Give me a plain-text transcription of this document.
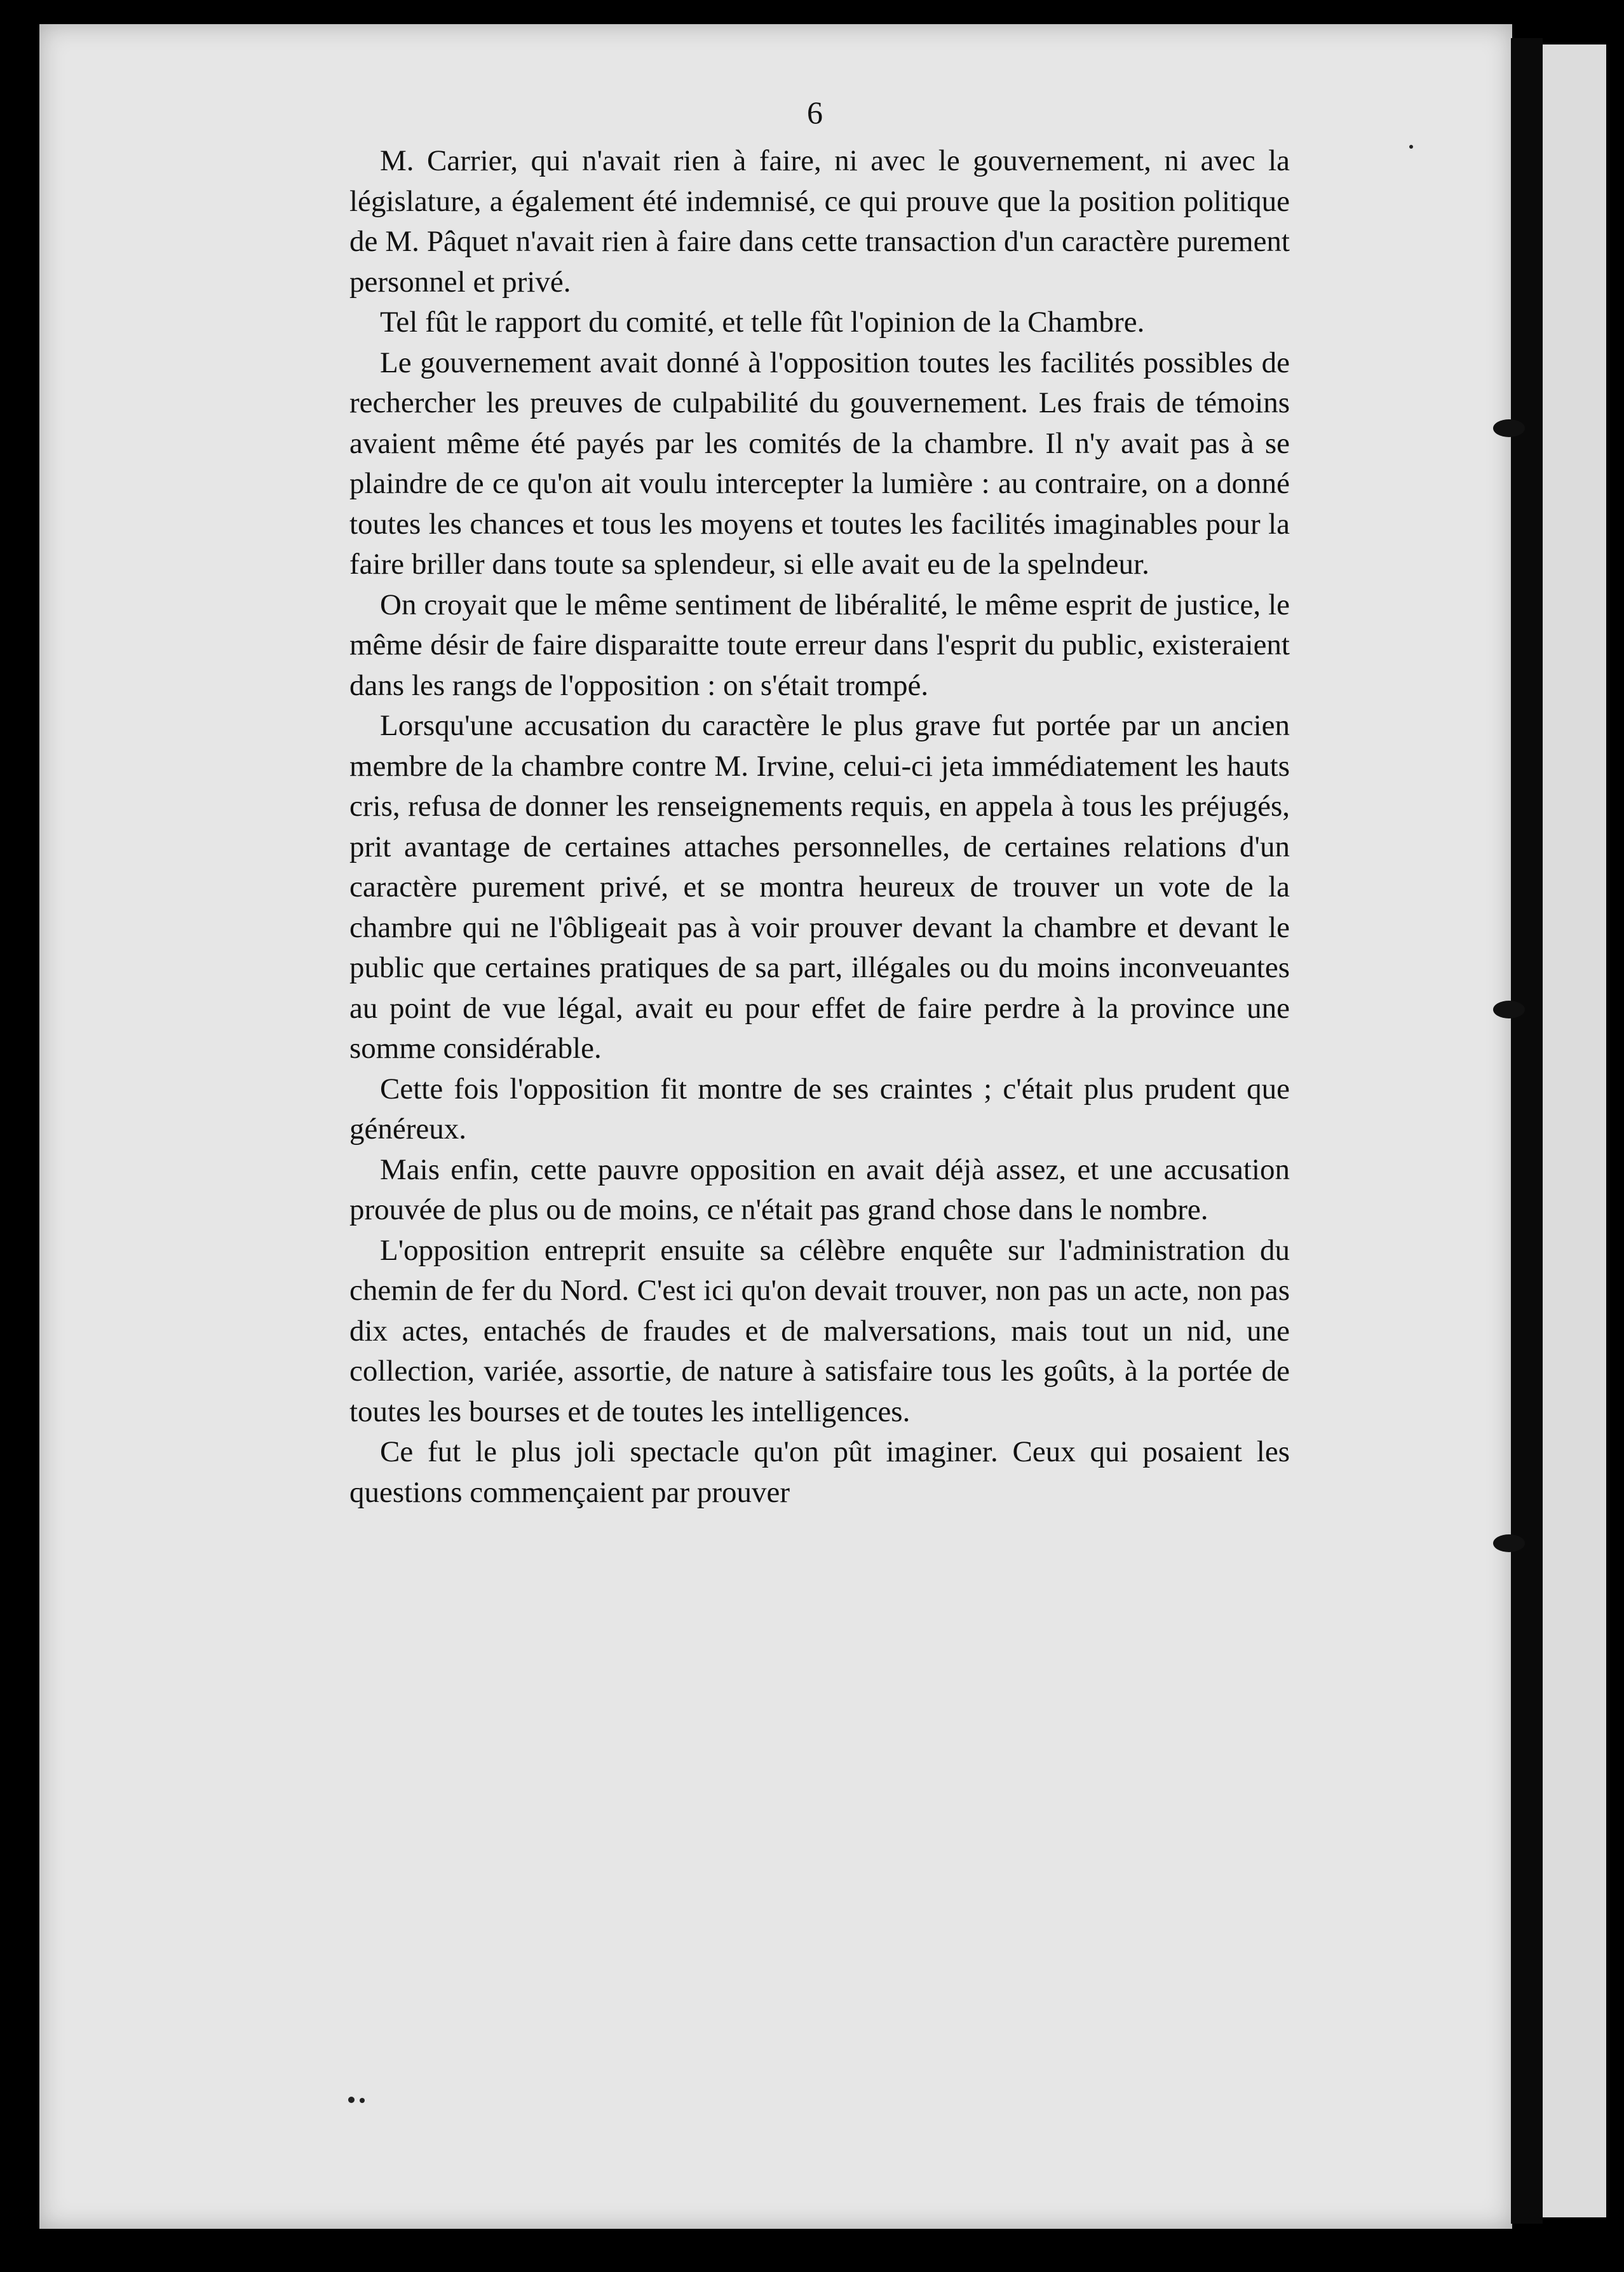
6

M. Carrier, qui n'avait rien à faire, ni avec le gouvernement, ni avec la législature, a également été indemnisé, ce qui prouve que la position politique de M. Pâquet n'avait rien à faire dans cette transaction d'un caractère purement personnel et privé.

Tel fût le rapport du comité, et telle fût l'opinion de la Chambre.

Le gouvernement avait donné à l'opposition toutes les facilités possibles de rechercher les preuves de culpabilité du gouvernement. Les frais de témoins avaient même été payés par les comités de la chambre. Il n'y avait pas à se plaindre de ce qu'on ait voulu intercepter la lumière : au contraire, on a donné toutes les chances et tous les moyens et toutes les facilités imaginables pour la faire briller dans toute sa splendeur, si elle avait eu de la spelndeur.

On croyait que le même sentiment de libéralité, le même esprit de justice, le même désir de faire disparaitte toute erreur dans l'esprit du public, existeraient dans les rangs de l'opposition : on s'était trompé.

Lorsqu'une accusation du caractère le plus grave fut portée par un ancien membre de la chambre contre M. Irvine, celui-ci jeta immédiatement les hauts cris, refusa de donner les renseignements requis, en appela à tous les préjugés, prit avantage de certaines attaches personnelles, de certaines relations d'un caractère purement privé, et se montra heureux de trouver un vote de la chambre qui ne l'ôbligeait pas à voir prouver devant la chambre et devant le public que certaines pratiques de sa part, illégales ou du moins inconveuantes au point de vue légal, avait eu pour effet de faire perdre à la province une somme considérable.

Cette fois l'opposition fit montre de ses craintes ; c'était plus prudent que généreux.

Mais enfin, cette pauvre opposition en avait déjà assez, et une accusation prouvée de plus ou de moins, ce n'était pas grand chose dans le nombre.

L'opposition entreprit ensuite sa célèbre enquête sur l'administration du chemin de fer du Nord. C'est ici qu'on devait trouver, non pas un acte, non pas dix actes, entachés de fraudes et de malversations, mais tout un nid, une collection, variée, assortie, de nature à satisfaire tous les goûts, à la portée de toutes les bourses et de toutes les intelligences.

Ce fut le plus joli spectacle qu'on pût imaginer. Ceux qui posaient les questions commençaient par prouver
